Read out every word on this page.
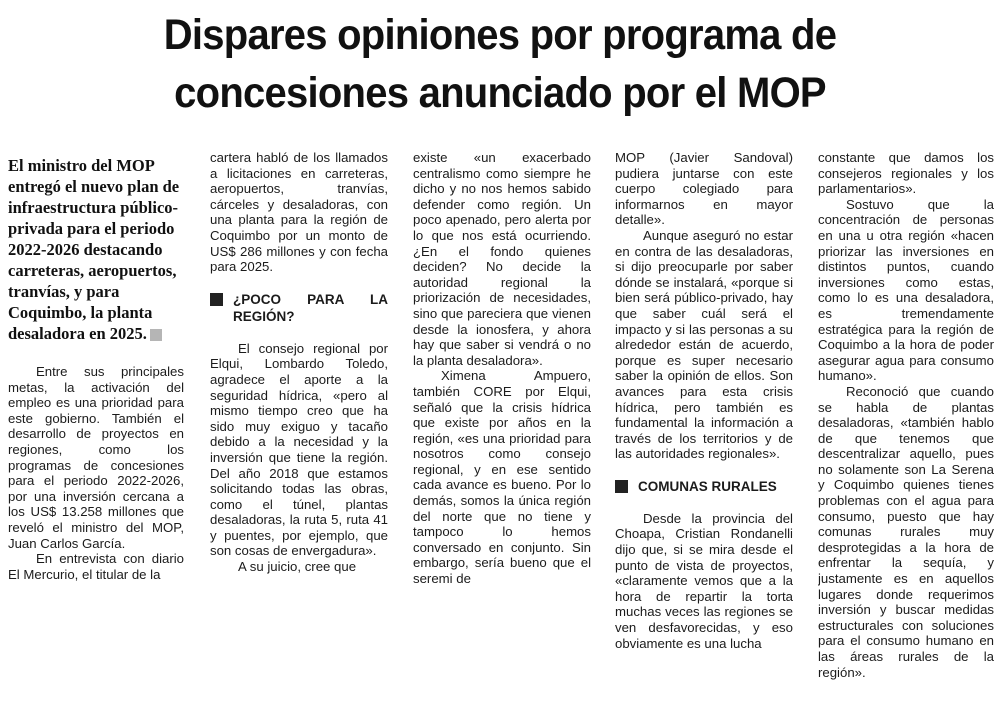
Dispares opiniones por programa de
concesiones anunciado por el MOP

El ministro del MOP entregó el nuevo plan de infraestructura público-privada para el periodo 2022-2026 destacando carreteras, aeropuertos, tranvías, y para Coquimbo, la planta desaladora en 2025.

Entre sus principales metas, la activación del empleo es una prioridad para este gobierno. También el desarrollo de proyectos en regiones, como los programas de concesiones para el periodo 2022-2026, por una inversión cercana a los US$ 13.258 millones que reveló el ministro del MOP, Juan Carlos García.

En entrevista con diario El Mercurio, el titular de la

cartera habló de los llamados a licitaciones en carreteras, aeropuertos, tranvías, cárceles y desaladoras, con una planta para la región de Coquimbo por un monto de US$ 286 millones y con fecha para 2025.

¿POCO PARA LA REGIÓN?

El consejo regional por Elqui, Lombardo Toledo, agradece el aporte a la seguridad hídrica, «pero al mismo tiempo creo que ha sido muy exiguo y tacaño debido a la necesidad y la inversión que tiene la región. Del año 2018 que estamos solicitando todas las obras, como el túnel, plantas desaladoras, la ruta 5, ruta 41 y puentes, por ejemplo, que son cosas de envergadura».

A su juicio, cree que

existe «un exacerbado centralismo como siempre he dicho y no nos hemos sabido defender como región. Un poco apenado, pero alerta por lo que nos está ocurriendo. ¿En el fondo quienes deciden? No decide la autoridad regional la priorización de necesidades, sino que pareciera que vienen desde la ionosfera, y ahora hay que saber si vendrá o no la planta desaladora».

Ximena Ampuero, también CORE por Elqui, señaló que la crisis hídrica que existe por años en la región, «es una prioridad para nosotros como consejo regional, y en ese sentido cada avance es bueno. Por lo demás, somos la única región del norte que no tiene y tampoco lo hemos conversado en conjunto. Sin embargo, sería bueno que el seremi de

MOP (Javier Sandoval) pudiera juntarse con este cuerpo colegiado para informarnos en mayor detalle».

Aunque aseguró no estar en contra de las desaladoras, si dijo preocuparle por saber dónde se instalará, «porque si bien será público-privado, hay que saber cuál será el impacto y si las personas a su alrededor están de acuerdo, porque es super necesario saber la opinión de ellos. Son avances para esta crisis hídrica, pero también es fundamental la información a través de los territorios y de las autoridades regionales».

COMUNAS RURALES

Desde la provincia del Choapa, Cristian Rondanelli dijo que, si se mira desde el punto de vista de proyectos, «claramente vemos que a la hora de repartir la torta muchas veces las regiones se ven desfavorecidas, y eso obviamente es una lucha

constante que damos los consejeros regionales y los parlamentarios».

Sostuvo que la concentración de personas en una u otra región «hacen priorizar las inversiones en distintos puntos, cuando inversiones como estas, como lo es una desaladora, es tremendamente estratégica para la región de Coquimbo a la hora de poder asegurar agua para consumo humano».

Reconoció que cuando se habla de plantas desaladoras, «también hablo de que tenemos que descentralizar aquello, pues no solamente son La Serena y Coquimbo quienes tienes problemas con el agua para consumo, puesto que hay comunas rurales muy desprotegidas a la hora de enfrentar la sequía, y justamente es en aquellos lugares donde requerimos inversión y buscar medidas estructurales con soluciones para el consumo humano en las áreas rurales de la región».
